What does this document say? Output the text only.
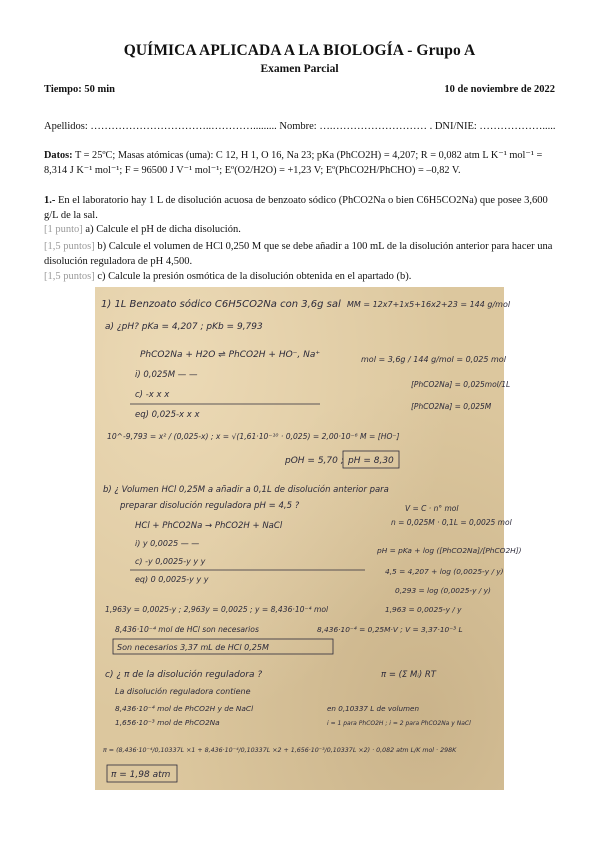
QUÍMICA APLICADA A LA BIOLOGÍA - Grupo A
Examen Parcial
Tiempo: 50 min	10 de noviembre de 2022
Apellidos: ……………………………..…………......... Nombre: ….……………………… . DNI/NIE: ……………….....
Datos: T = 25ºC; Masas atómicas (uma): C 12, H 1, O 16, Na 23; pKa (PhCO2H) = 4,207; R = 0,082 atm L K⁻¹ mol⁻¹ = 8,314 J K⁻¹ mol⁻¹; F = 96500 J V⁻¹ mol⁻¹; Eº(O2/H2O) = +1,23 V; Eº(PhCO2H/PhCHO) = –0,82 V.
1.- En el laboratorio hay 1 L de disolución acuosa de benzoato sódico (PhCO2Na o bien C6H5CO2Na) que posee 3,600 g/L de la sal.
[1 punto] a) Calcule el pH de dicha disolución.
[1,5 puntos] b) Calcule el volumen de HCl 0,250 M que se debe añadir a 100 mL de la disolución anterior para hacer una disolución reguladora de pH 4,500.
[1,5 puntos] c) Calcule la presión osmótica de la disolución obtenida en el apartado (b).
1) 1L Benzoato sódico C6H5CO2Na con 3,6g sal MM = 12x7+1x5+16x2+23 = 144 g/mol
a) ¿pH? pKa = 4,207 ; pKb = 9,793
PhCO2Na + H2O ⇌ PhCO2H + HO⁻, Na⁺
i) 0,025M — —
c) -x x x
eq) 0,025-x x x
mol = 3,6g / 144 g/mol = 0,025 mol
[PhCO2Na] = 0,025mol/1L
[PhCO2Na] = 0,025M
10^-9,793 = x² / (0,025-x) ; x = √(1,61·10⁻¹⁰ · 0,025) = 2,00·10⁻⁶ M = [HO⁻]
pOH = 5,70 ; pH = 8,30
b) ¿ Volumen HCl 0,25M a añadir a 0,1L de disolución anterior para
preparar disolución reguladora pH = 4,5 ?	V = C · n° mol
n = 0,025M · 0,1L = 0,0025 mol
HCl + PhCO2Na → PhCO2H + NaCl
i) y 0,0025 — —
c) -y 0,0025-y y y
eq) 0 0,0025-y y y
pH = pKa + log ([PhCO2Na]/[PhCO2H])
4,5 = 4,207 + log (0,0025-y / y)
0,293 = log (0,0025-y / y)
1,963y = 0,0025-y ; 2,963y = 0,0025 ; y = 8,436·10⁻⁴ mol	1,963 = 0,0025-y / y
8,436·10⁻⁴ mol de HCl son necesarios	8,436·10⁻⁴ = 0,25M·V ; V = 3,37·10⁻³ L
Son necesarios 3,37 mL de HCl 0,25M
c) ¿ π de la disolución reguladora ?	π = (Σ Mᵢ) RT
La disolución reguladora contiene
8,436·10⁻⁴ mol de PhCO2H y de NaCl
1,656·10⁻³ mol de PhCO2Na
en 0,10337 L de volumen
i = 1 para PhCO2H ; i = 2 para PhCO2Na y NaCl
π = (8,436·10⁻⁴/0,10337L ×1 + 8,436·10⁻⁴/0,10337L ×2 + 1,656·10⁻³/0,10337L ×2) · 0,082 atm L/K mol · 298K
π = 1,98 atm
